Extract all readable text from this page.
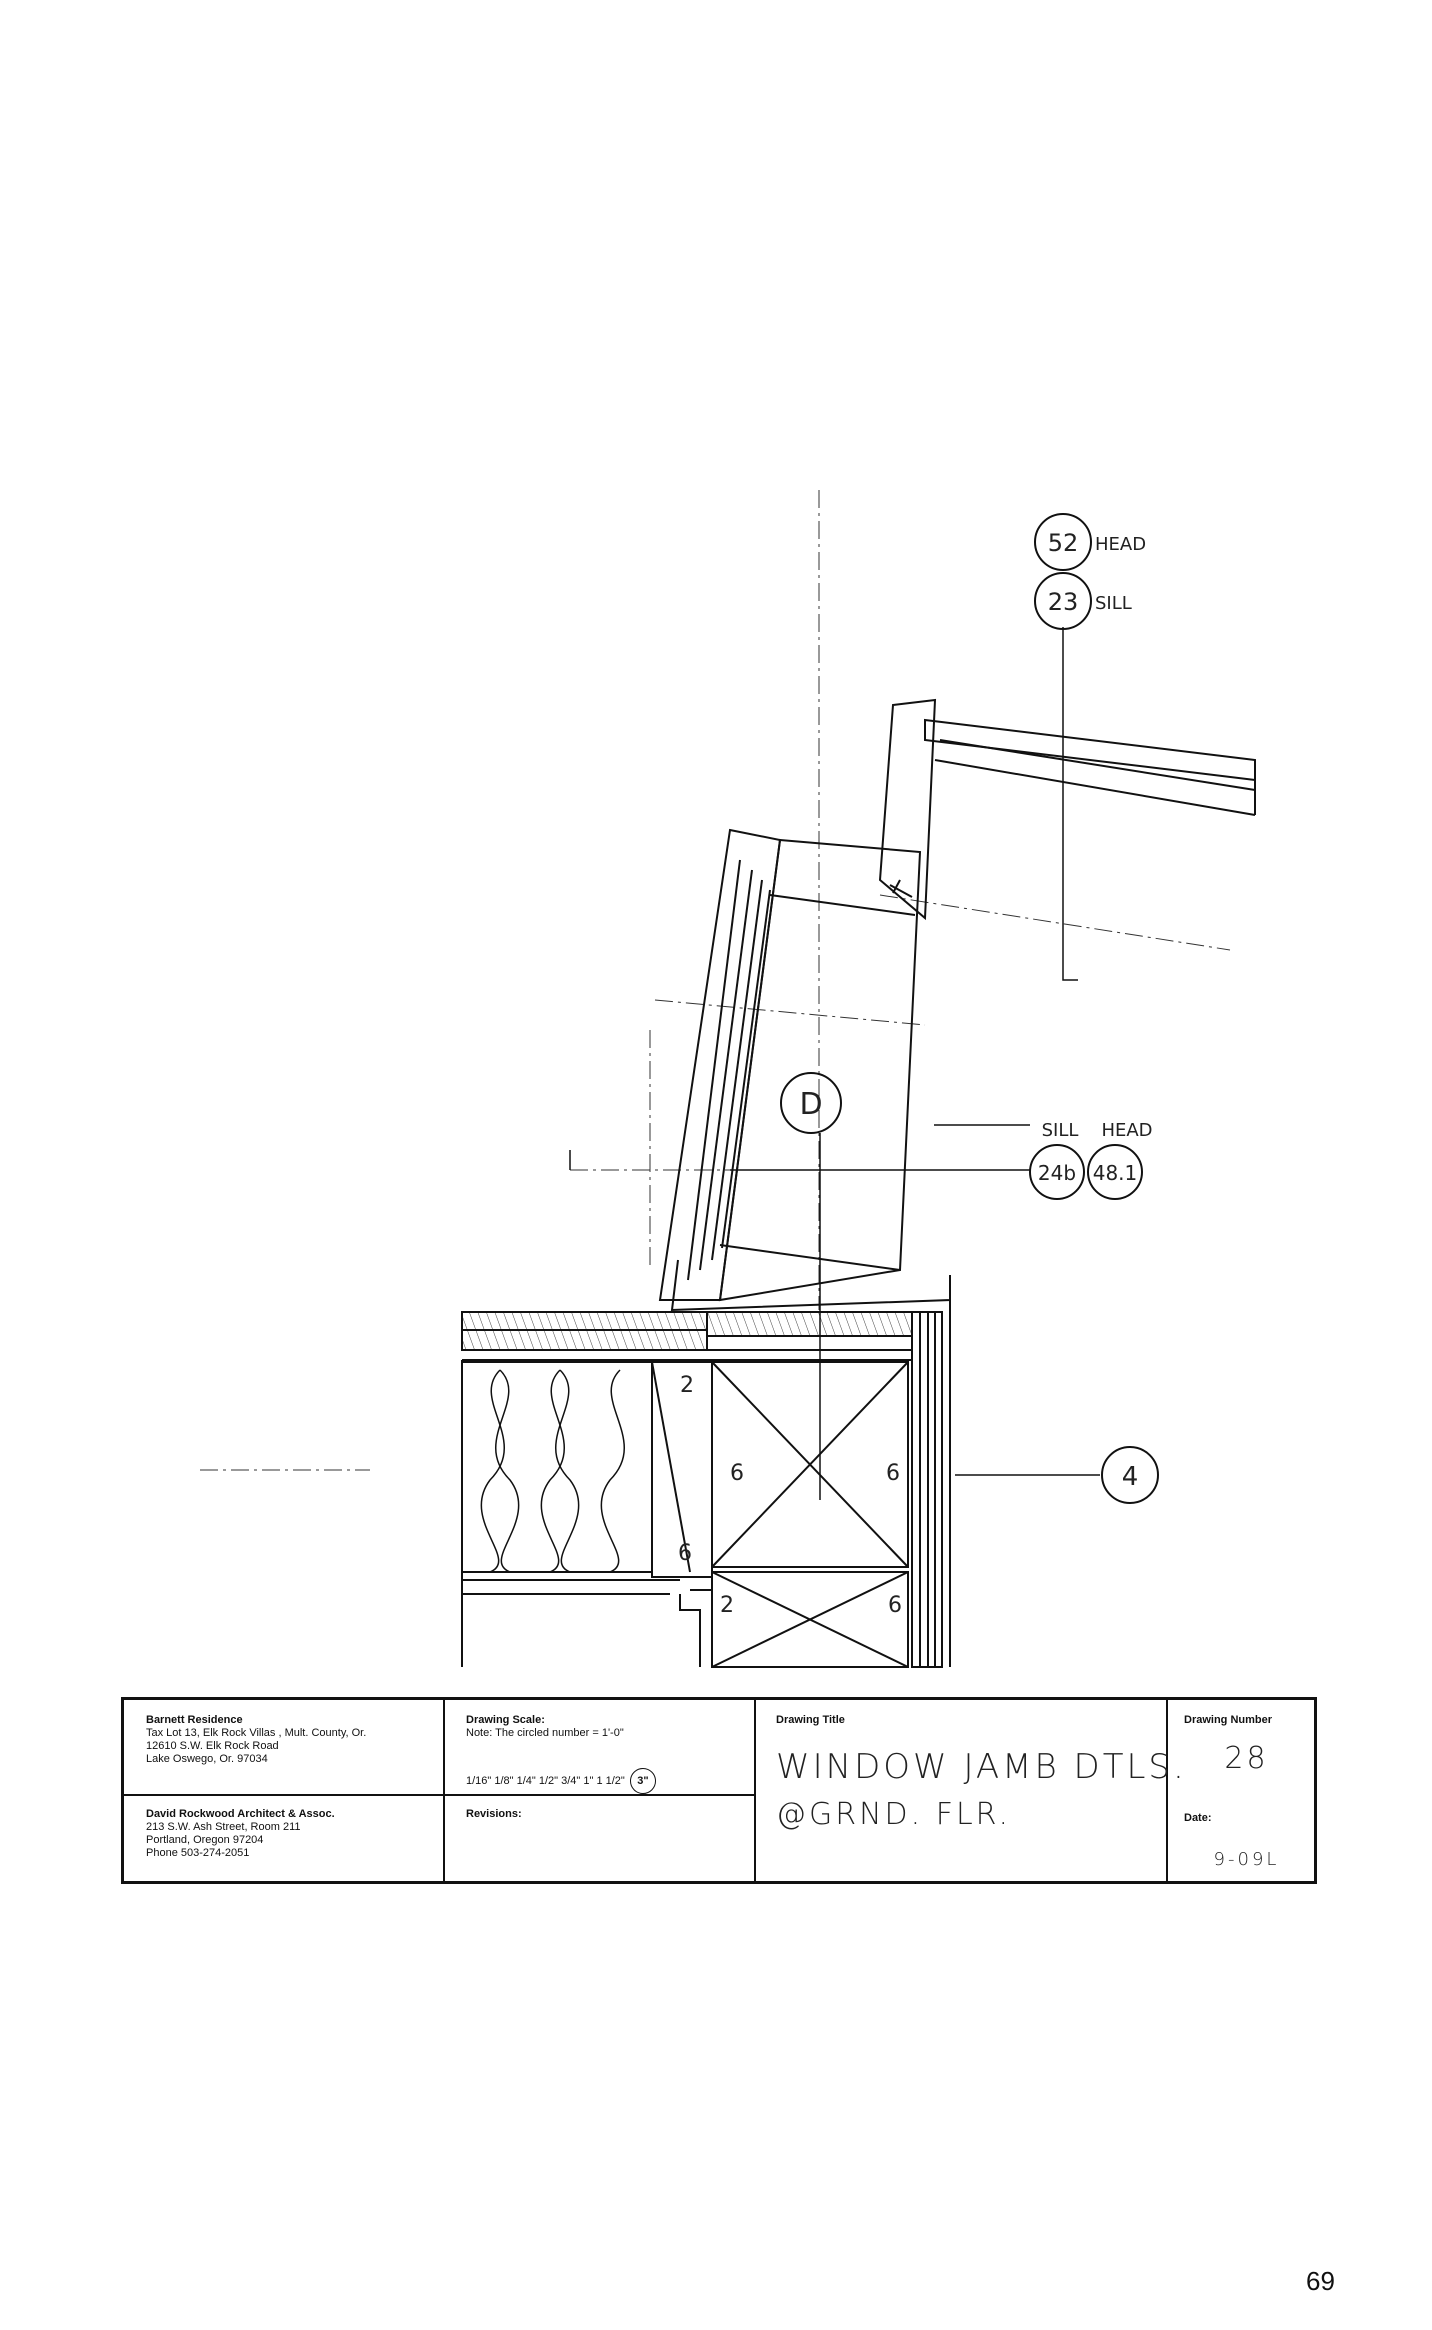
52 HEAD
23 SILL
D
SILL HEAD
24b 48.1
4
2
6	6
6
2	6
Barnett Residence
Tax Lot 13, Elk Rock Villas , Mult. County, Or.
12610 S.W. Elk Rock Road
Lake Oswego, Or. 97034
David Rockwood Architect & Assoc.
213 S.W. Ash Street, Room 211
Portland, Oregon 97204
Phone 503-274-2051
Drawing Scale:
Note: The circled number = 1'-0"
1/16" 1/8" 1/4" 1/2" 3/4" 1" 1 1/2" 3"
Revisions:
Drawing Title
WINDOW JAMB DTLS.
@GRND. FLR.
Drawing Number
28
Date:
9-09L
69
